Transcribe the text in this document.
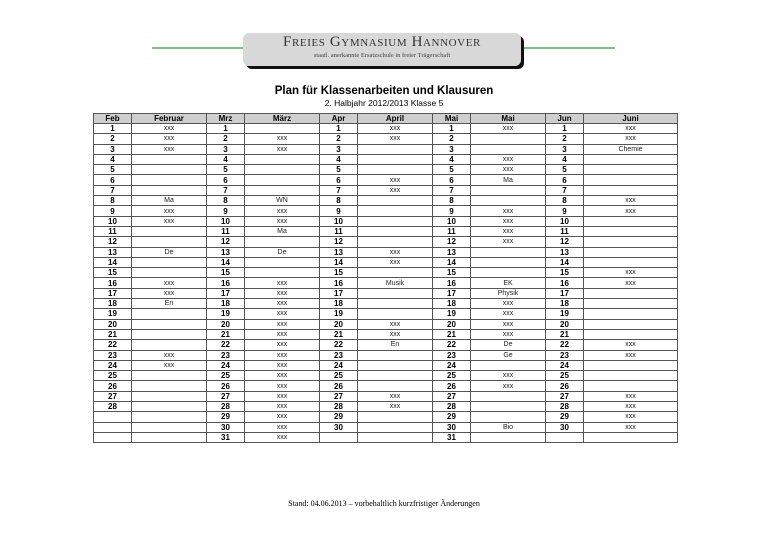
Freies Gymnasium Hannover
staatl. anerkannte Ersatzschule in freier Trägerschaft
Plan für Klassenarbeiten und Klausuren
2. Halbjahr 2012/2013 Klasse 5
Feb	Februar	Mrz	März	Apr	April	Mai	Mai	Jun	Juni
1	xxx	1		1	xxx	1	xxx	1	xxx
2	xxx	2	xxx	2	xxx	2		2	xxx
3	xxx	3	xxx	3		3		3	Chemie
4		4		4		4	xxx	4	
5		5		5		5	xxx	5	
6		6		6	xxx	6	Ma	6	
7		7		7	xxx	7		7	
8	Ma	8	WN	8		8		8	xxx
9	xxx	9	xxx	9		9	xxx	9	xxx
10	xxx	10	xxx	10		10	xxx	10	
11		11	Ma	11		11	xxx	11	
12		12		12		12	xxx	12	
13	De	13	De	13	xxx	13		13	
14		14		14	xxx	14		14	
15		15		15		15		15	xxx
16	xxx	16	xxx	16	Musik	16	EK	16	xxx
17	xxx	17	xxx	17		17	Physik	17	
18	En	18	xxx	18		18	xxx	18	
19		19	xxx	19		19	xxx	19	
20		20	xxx	20	xxx	20	xxx	20	
21		21	xxx	21	xxx	21	xxx	21	
22		22	xxx	22	En	22	De	22	xxx
23	xxx	23	xxx	23		23	Ge	23	xxx
24	xxx	24	xxx	24		24		24	
25		25	xxx	25		25	xxx	25	
26		26	xxx	26		26	xxx	26	
27		27	xxx	27	xxx	27		27	xxx
28		28	xxx	28	xxx	28		28	xxx
		29	xxx	29		29		29	xxx
		30	xxx	30		30	Bio	30	xxx
		31	xxx			31			
Stand: 04.06.2013 – vorbehaltlich kurzfristiger Änderungen
